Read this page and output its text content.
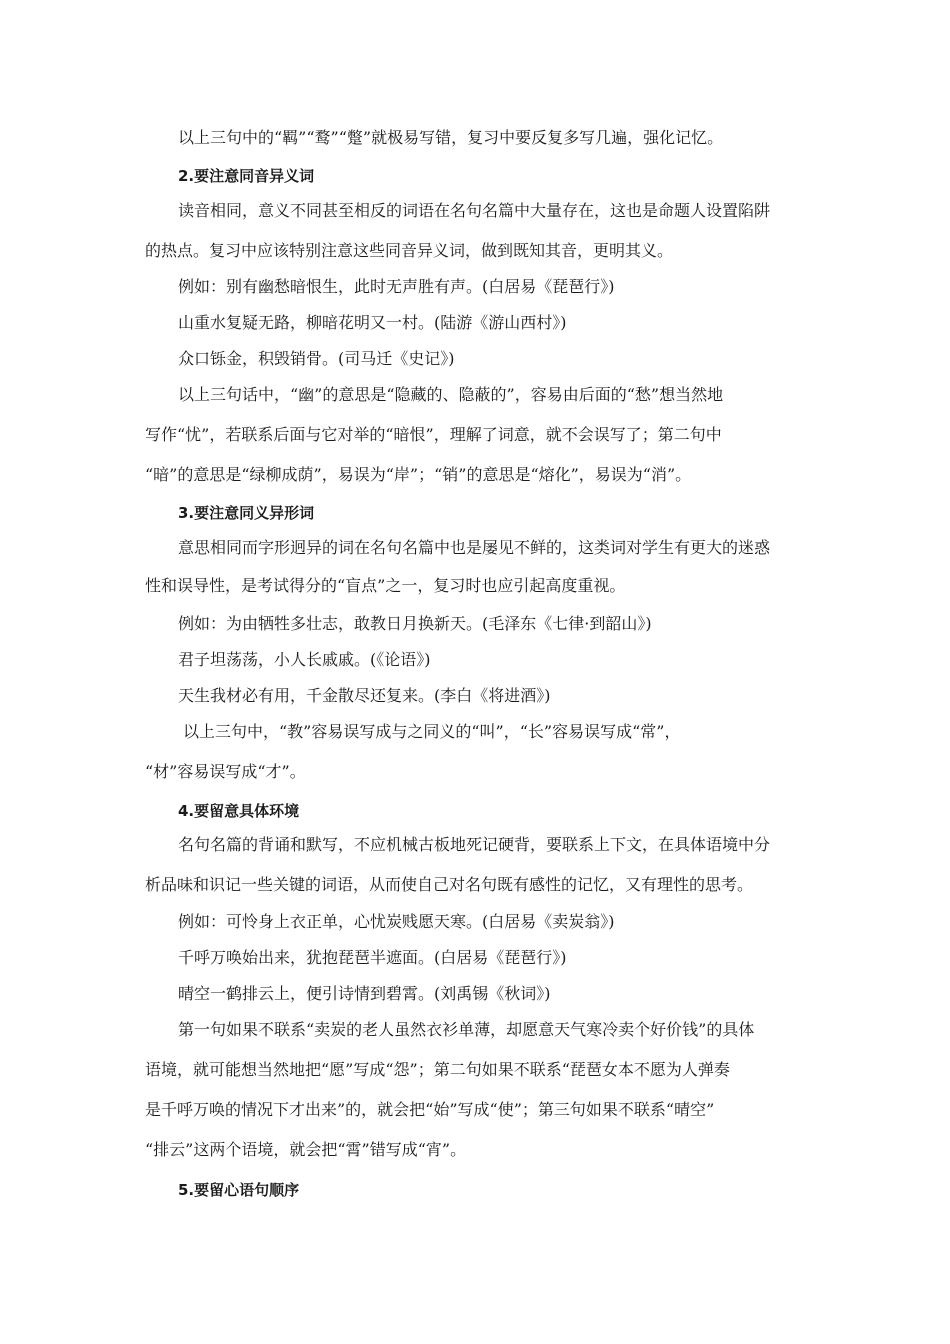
以上三句中的“羁”“鹜”“蹩”就极易写错，复习中要反复多写几遍，强化记忆。
2.要注意同音异义词
读音相同，意义不同甚至相反的词语在名句名篇中大量存在，这也是命题人设置陷阱
的热点。复习中应该特别注意这些同音异义词，做到既知其音，更明其义。
例如：别有幽愁暗恨生，此时无声胜有声。(白居易《琵琶行》)
山重水复疑无路，柳暗花明又一村。(陆游《游山西村》)
众口铄金，积毁销骨。(司马迁《史记》)
以上三句话中，“幽”的意思是“隐藏的、隐蔽的”，容易由后面的“愁”想当然地
写作“忧”，若联系后面与它对举的“暗恨”，理解了词意，就不会误写了；第二句中
“暗”的意思是“绿柳成荫”，易误为“岸”；“销”的意思是“熔化”，易误为“消”。
3.要注意同义异形词
意思相同而字形迥异的词在名句名篇中也是屡见不鲜的，这类词对学生有更大的迷惑
性和误导性，是考试得分的“盲点”之一，复习时也应引起高度重视。
例如：为由牺牲多壮志，敢教日月换新天。(毛泽东《七律·到韶山》)
君子坦荡荡，小人长戚戚。(《论语》)
天生我材必有用，千金散尽还复来。(李白《将进酒》)
以上三句中，“教”容易误写成与之同义的“叫”，“长”容易误写成“常”，
“材”容易误写成“才”。
4.要留意具体环境
名句名篇的背诵和默写，不应机械古板地死记硬背，要联系上下文，在具体语境中分
析品味和识记一些关键的词语，从而使自己对名句既有感性的记忆，又有理性的思考。
例如：可怜身上衣正单，心忧炭贱愿天寒。(白居易《卖炭翁》)
千呼万唤始出来，犹抱琵琶半遮面。(白居易《琵琶行》)
晴空一鹤排云上，便引诗情到碧霄。(刘禹锡《秋词》)
第一句如果不联系“卖炭的老人虽然衣衫单薄，却愿意天气寒冷卖个好价钱”的具体
语境，就可能想当然地把“愿”写成“怨”；第二句如果不联系“琵琶女本不愿为人弹奏
是千呼万唤的情况下才出来”的，就会把“始”写成“使”；第三句如果不联系“晴空”
“排云”这两个语境，就会把“霄”错写成“宵”。
5.要留心语句顺序
